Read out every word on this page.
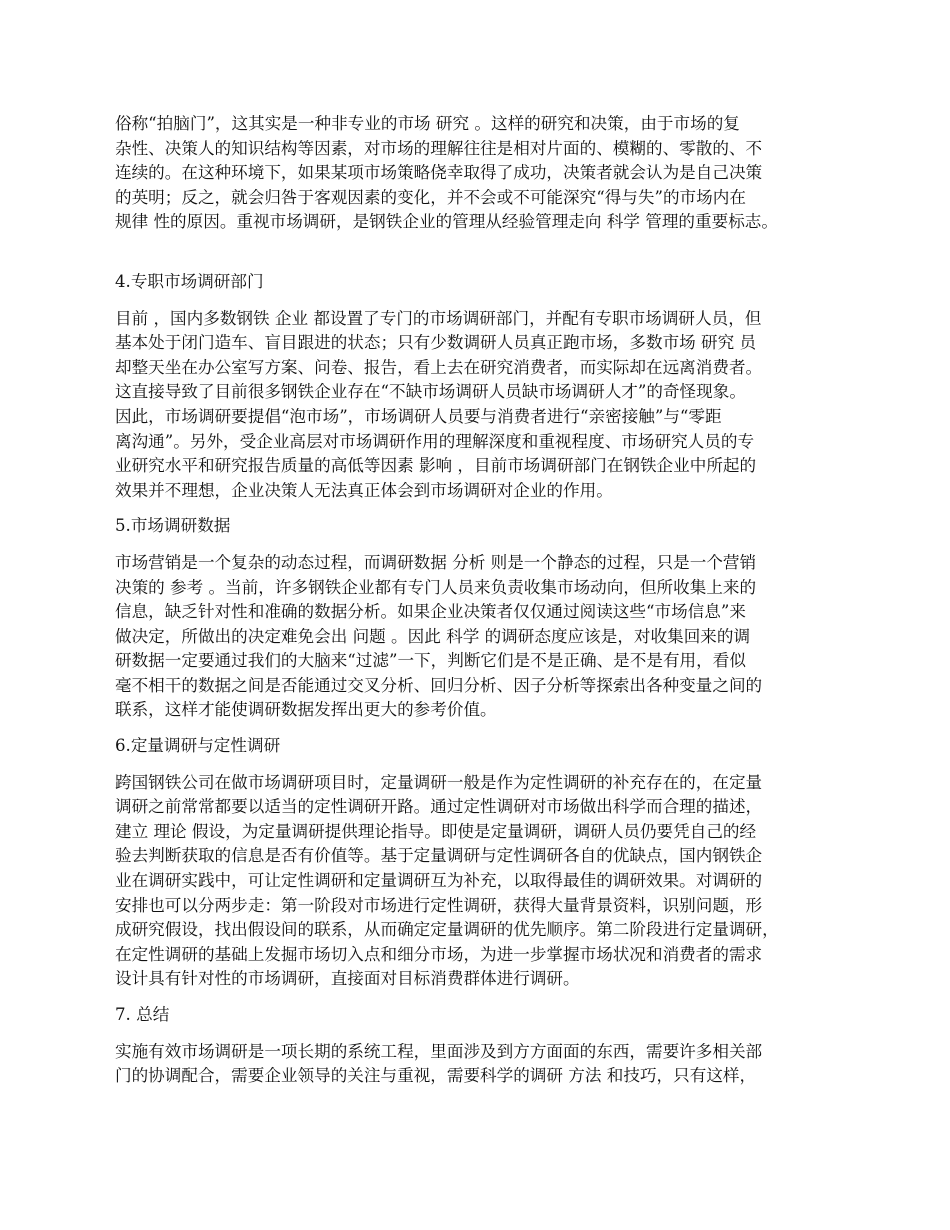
俗称“拍脑门”，这其实是一种非专业的市场 研究 。这样的研究和决策，由于市场的复
杂性、决策人的知识结构等因素，对市场的理解往往是相对片面的、模糊的、零散的、不
连续的。在这种环境下，如果某项市场策略侥幸取得了成功，决策者就会认为是自己决策
的英明；反之，就会归咎于客观因素的变化，并不会或不可能深究“得与失”的市场内在
规律 性的原因。重视市场调研，是钢铁企业的管理从经验管理走向 科学 管理的重要标志。
4.专职市场调研部门
目前 ，国内多数钢铁 企业 都设置了专门的市场调研部门，并配有专职市场调研人员，但
基本处于闭门造车、盲目跟进的状态；只有少数调研人员真正跑市场，多数市场 研究 员
却整天坐在办公室写方案、问卷、报告，看上去在研究消费者，而实际却在远离消费者。
这直接导致了目前很多钢铁企业存在“不缺市场调研人员缺市场调研人才”的奇怪现象。
因此，市场调研要提倡“泡市场”，市场调研人员要与消费者进行“亲密接触”与“零距
离沟通”。另外，受企业高层对市场调研作用的理解深度和重视程度、市场研究人员的专
业研究水平和研究报告质量的高低等因素 影响 ，目前市场调研部门在钢铁企业中所起的
效果并不理想，企业决策人无法真正体会到市场调研对企业的作用。
5.市场调研数据
市场营销是一个复杂的动态过程，而调研数据 分析 则是一个静态的过程，只是一个营销
决策的 参考 。当前，许多钢铁企业都有专门人员来负责收集市场动向，但所收集上来的
信息，缺乏针对性和准确的数据分析。如果企业决策者仅仅通过阅读这些“市场信息”来
做决定，所做出的决定难免会出 问题 。因此 科学 的调研态度应该是，对收集回来的调
研数据一定要通过我们的大脑来“过滤”一下，判断它们是不是正确、是不是有用，看似
毫不相干的数据之间是否能通过交叉分析、回归分析、因子分析等探索出各种变量之间的
联系，这样才能使调研数据发挥出更大的参考价值。
6.定量调研与定性调研
跨国钢铁公司在做市场调研项目时，定量调研一般是作为定性调研的补充存在的，在定量
调研之前常常都要以适当的定性调研开路。通过定性调研对市场做出科学而合理的描述，
建立 理论 假设，为定量调研提供理论指导。即使是定量调研，调研人员仍要凭自己的经
验去判断获取的信息是否有价值等。基于定量调研与定性调研各自的优缺点，国内钢铁企
业在调研实践中，可让定性调研和定量调研互为补充，以取得最佳的调研效果。对调研的
安排也可以分两步走：第一阶段对市场进行定性调研，获得大量背景资料，识别问题，形
成研究假设，找出假设间的联系，从而确定定量调研的优先顺序。第二阶段进行定量调研，
在定性调研的基础上发掘市场切入点和细分市场，为进一步掌握市场状况和消费者的需求
设计具有针对性的市场调研，直接面对目标消费群体进行调研。
7. 总结
实施有效市场调研是一项长期的系统工程，里面涉及到方方面面的东西，需要许多相关部
门的协调配合，需要企业领导的关注与重视，需要科学的调研 方法 和技巧，只有这样，
